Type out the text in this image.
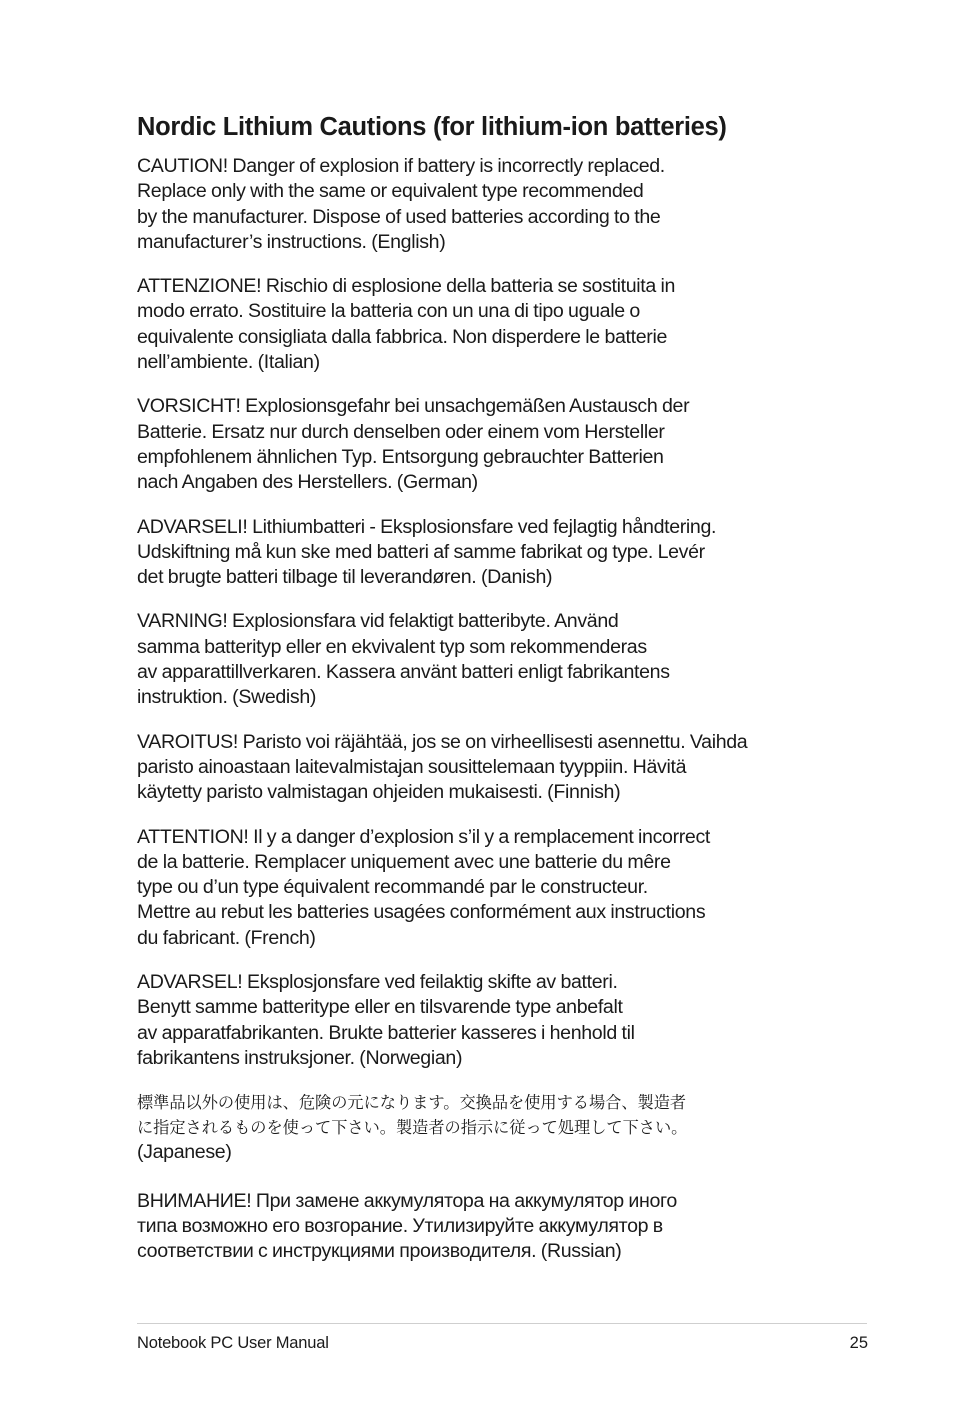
Nordic Lithium Cautions (for lithium-ion batteries)
CAUTION! Danger of explosion if battery is incorrectly replaced.
Replace only with the same or equivalent type recommended
by the manufacturer. Dispose of used batteries according to the
manufacturer’s instructions. (English)
ATTENZIONE! Rischio di esplosione della batteria se sostituita in
modo errato. Sostituire la batteria con un una di tipo uguale o
equivalente consigliata dalla fabbrica. Non disperdere le batterie
nell’ambiente. (Italian)
VORSICHT! Explosionsgefahr bei unsachgemäßen Austausch der
Batterie. Ersatz nur durch denselben oder einem vom Hersteller
empfohlenem ähnlichen Typ. Entsorgung gebrauchter Batterien
nach Angaben des Herstellers. (German)
ADVARSELI! Lithiumbatteri - Eksplosionsfare ved fejlagtig håndtering.
Udskiftning må kun ske med batteri af samme fabrikat og type. Levér
det brugte batteri tilbage til leverandøren. (Danish)
VARNING! Explosionsfara vid felaktigt batteribyte. Använd
samma batterityp eller en ekvivalent typ som rekommenderas
av apparattillverkaren. Kassera använt batteri enligt fabrikantens
instruktion. (Swedish)
VAROITUS! Paristo voi räjähtää, jos se on virheellisesti asennettu. Vaihda
paristo ainoastaan laitevalmistajan sousittelemaan tyyppiin. Hävitä
käytetty paristo valmistagan ohjeiden mukaisesti. (Finnish)
ATTENTION! Il y a danger d’explosion s’il y a remplacement incorrect
de la batterie. Remplacer uniquement avec une batterie du mêre
type ou d’un type équivalent recommandé par le constructeur.
Mettre au rebut les batteries usagées conformément aux instructions
du fabricant. (French)
ADVARSEL! Eksplosjonsfare ved feilaktig skifte av batteri.
Benytt samme batteritype eller en tilsvarende type anbefalt
av apparatfabrikanten. Brukte batterier kasseres i henhold til
fabrikantens instruksjoner. (Norwegian)
標準品以外の使用は、危険の元になります。交換品を使用する場合、製造者
に指定されるものを使って下さい。製造者の指示に従って処理して下さい。
(Japanese)
ВНИМАНИЕ! При замене аккумулятора на аккумулятор иного
типа возможно его возгорание. Утилизируйте аккумулятор в
соответствии с инструкциями производителя. (Russian)
Notebook PC User Manual	25
